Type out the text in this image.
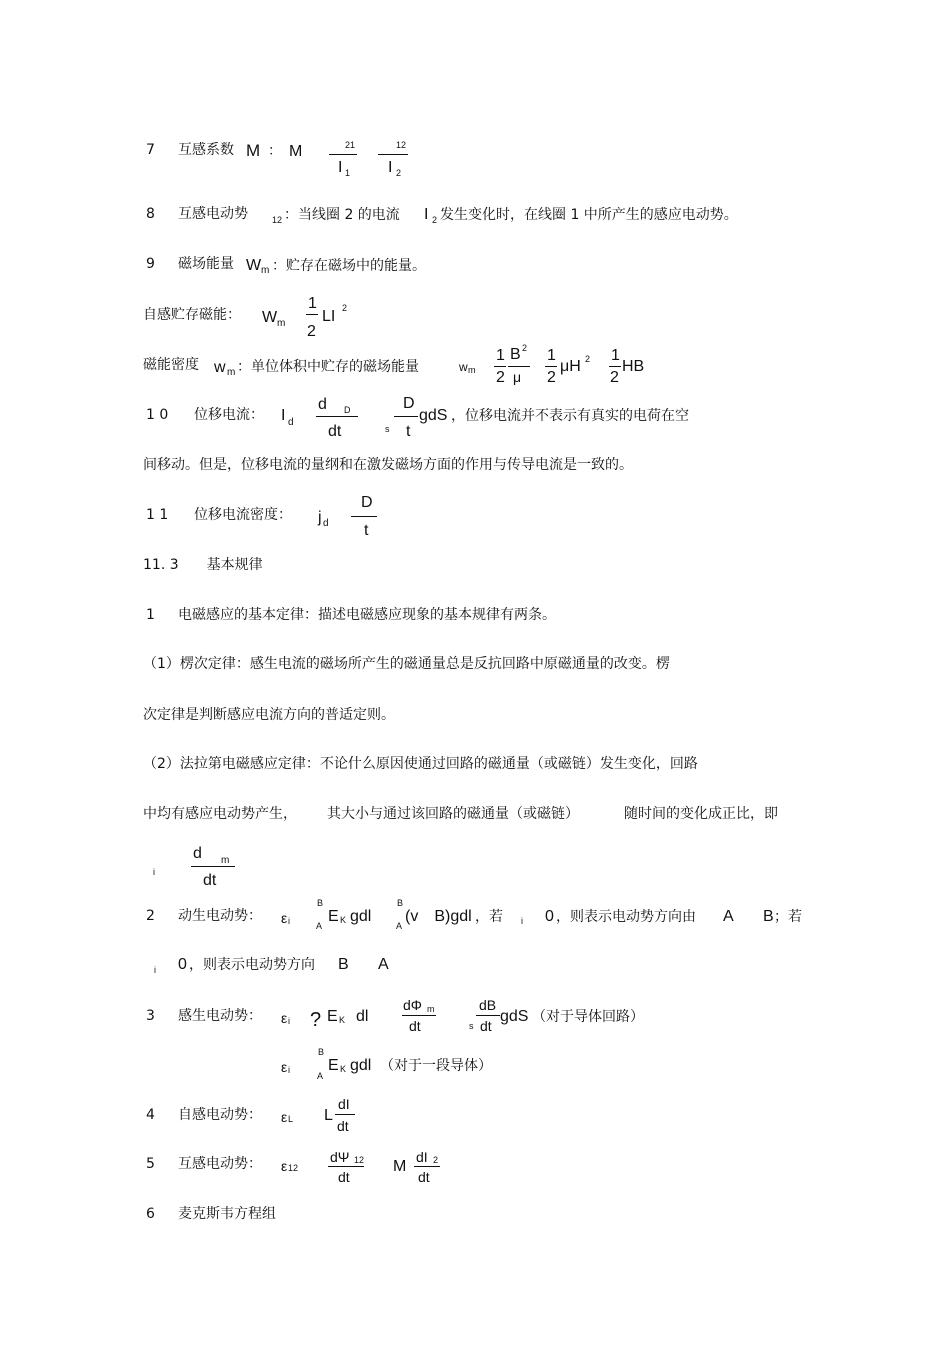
7 互感系数 M ： M	21
I 1
12
I 2
8 互感电动势	12 ：当线圈 2 的电流 I 2 发生变化时，在线圈 1 中所产生的感应电动势。
9 磁场能量 W m ：贮存在磁场中的能量。
自感贮存磁能： W m
1
2
LI 2
磁能密度 w m ：单位体积中贮存的磁场能量	w m
1
2
B 2
μ
1
2
μH 2 1
2
HB
1 0 位移电流： I d
d D
dt	s
D
t
gdS ，位移电流并不表示有真实的电荷在空
间移动。但是，位移电流的量纲和在激发磁场方面的作用与传导电流是一致的。
1 1 位移电流密度： j d
D
t
11. 3　　基本规律
1 电磁感应的基本定律：描述电磁感应现象的基本规律有两条。
（1）楞次定律：感生电流的磁场所产生的磁通量总是反抗回路中原磁通量的改变。楞
次定律是判断感应电流方向的普适定则。
（2）法拉第电磁感应定律：不论什么原因使通过回路的磁通量（或磁链）发生变化，回路
中均有感应电动势产生， 其大小与通过该回路的磁通量（或磁链）	随时间的变化成正比，即
i
d m
dt
2 动生电动势： ε i
B
A
E K gdl
B
A
(v　B)gdl ，若 i 0 ，则表示电动势方向由 A B ；若
i 0 ，则表示电动势方向 B A
3 感生电动势： ε i ? E K dl
dΦ m
dt	s
dB
dt
gdS （对于导体回路）
ε i
B
A
E K gdl （对于一段导体）
4 自感电动势： ε L L
dI
dt
5 互感电动势： ε 12
dΨ 12
dt
M
dI 2
dt
6 麦克斯韦方程组
